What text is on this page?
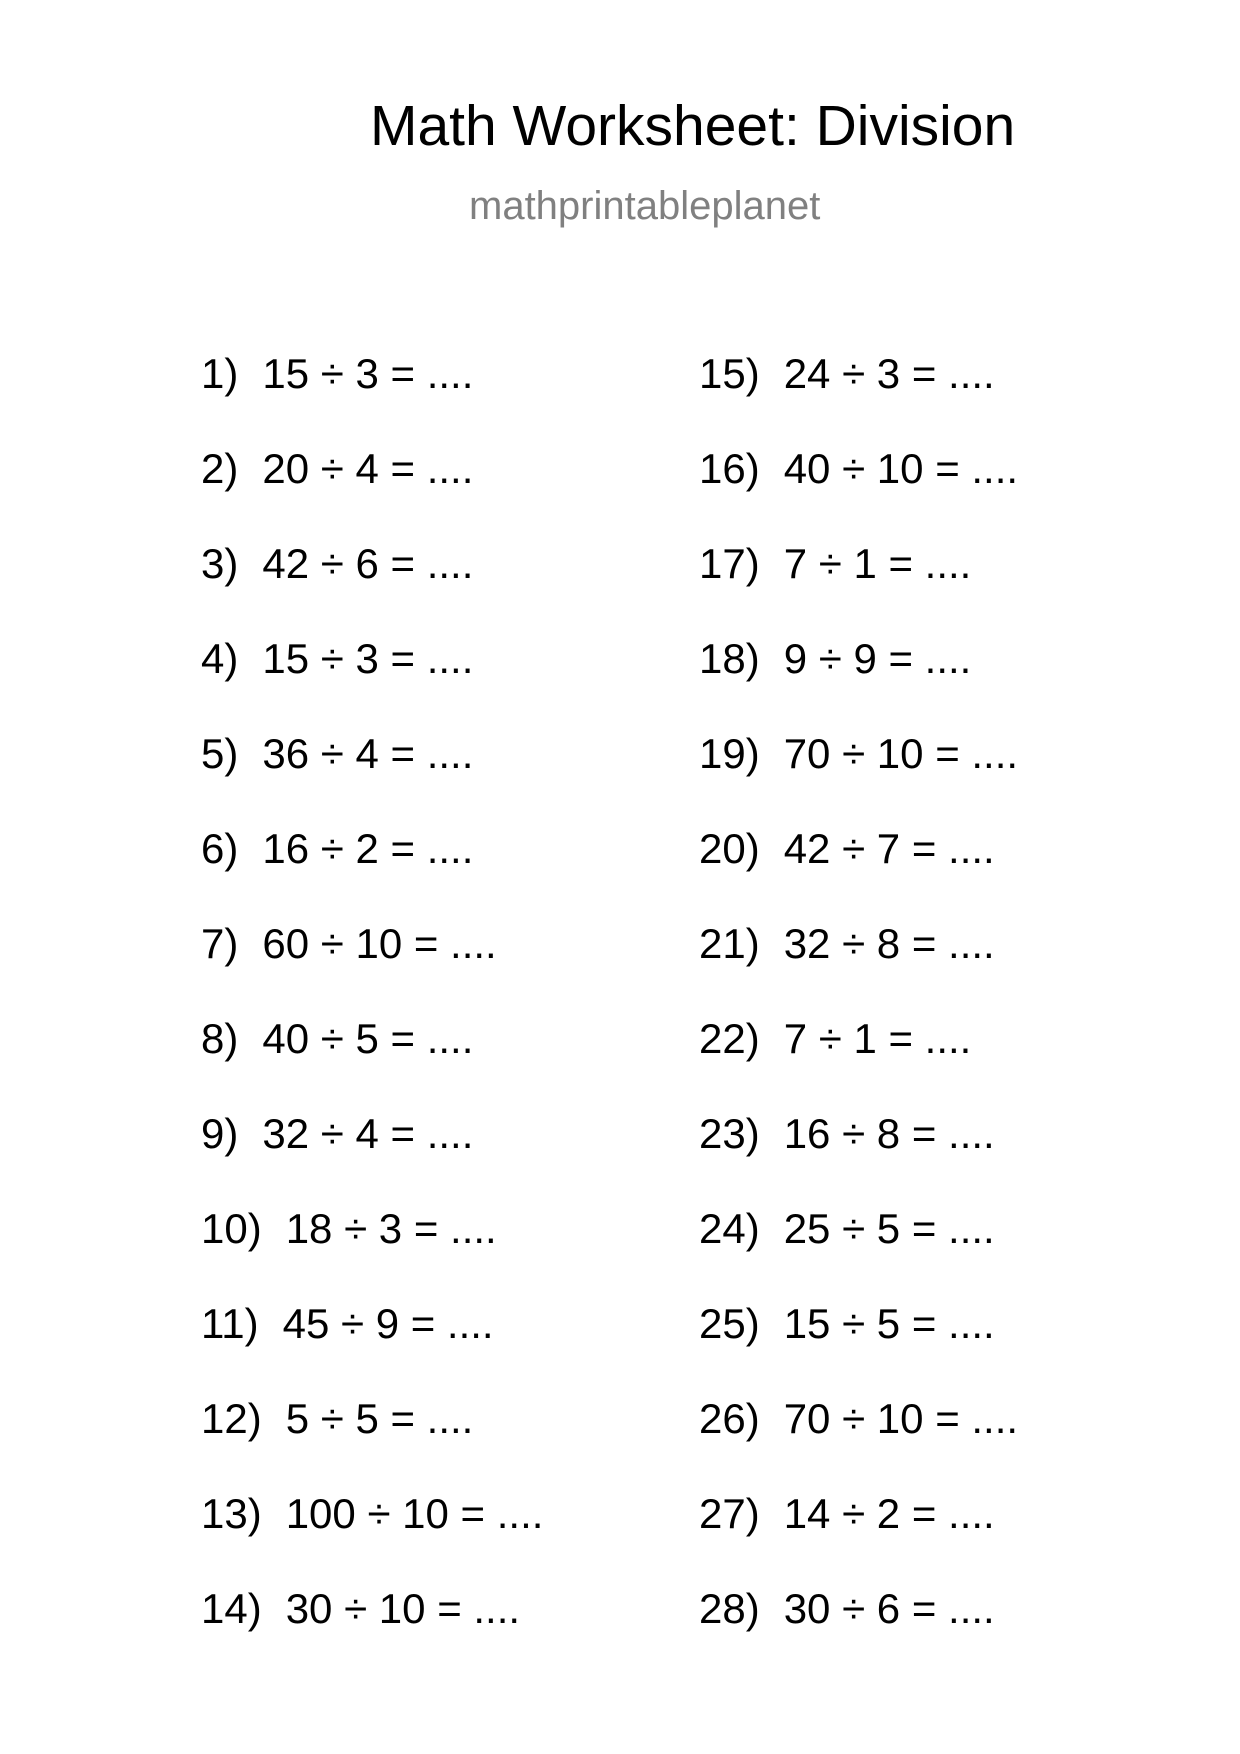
Math Worksheet: Division
mathprintableplanet
1) 15 ÷ 3 = ....
2) 20 ÷ 4 = ....
3) 42 ÷ 6 = ....
4) 15 ÷ 3 = ....
5) 36 ÷ 4 = ....
6) 16 ÷ 2 = ....
7) 60 ÷ 10 = ....
8) 40 ÷ 5 = ....
9) 32 ÷ 4 = ....
10) 18 ÷ 3 = ....
11) 45 ÷ 9 = ....
12) 5 ÷ 5 = ....
13) 100 ÷ 10 = ....
14) 30 ÷ 10 = ....
15) 24 ÷ 3 = ....
16) 40 ÷ 10 = ....
17) 7 ÷ 1 = ....
18) 9 ÷ 9 = ....
19) 70 ÷ 10 = ....
20) 42 ÷ 7 = ....
21) 32 ÷ 8 = ....
22) 7 ÷ 1 = ....
23) 16 ÷ 8 = ....
24) 25 ÷ 5 = ....
25) 15 ÷ 5 = ....
26) 70 ÷ 10 = ....
27) 14 ÷ 2 = ....
28) 30 ÷ 6 = ....
